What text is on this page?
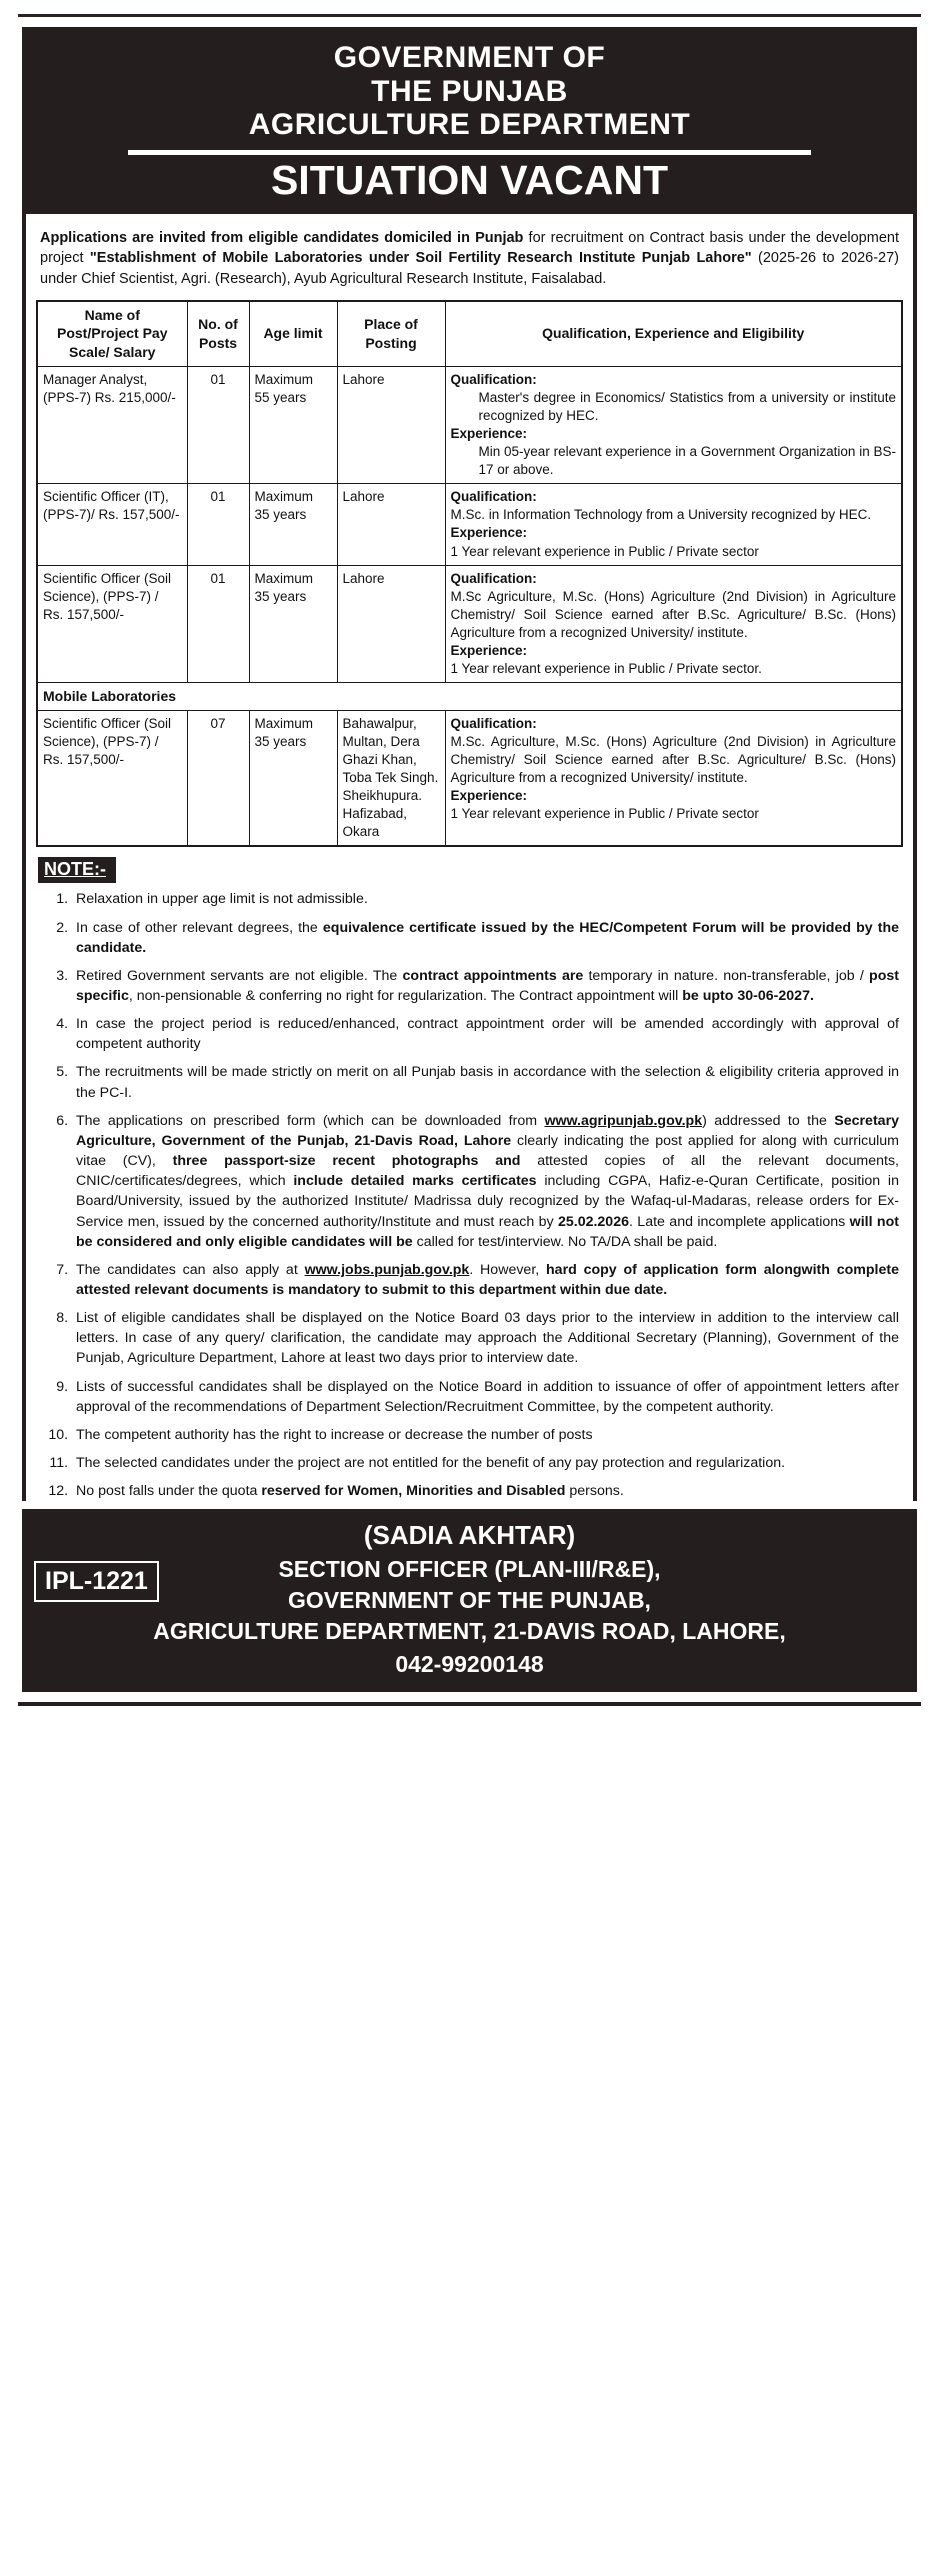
GOVERNMENT OF
THE PUNJAB
AGRICULTURE DEPARTMENT
SITUATION VACANT

Applications are invited from eligible candidates domiciled in Punjab for recruitment on Contract basis under the development project "Establishment of Mobile Laboratories under Soil Fertility Research Institute Punjab Lahore" (2025-26 to 2026-27) under Chief Scientist, Agri. (Research), Ayub Agricultural Research Institute, Faisalabad.

Name of Post/Project Pay Scale/ Salary	No. of Posts	Age limit	Place of Posting	Qualification, Experience and Eligibility
Manager Analyst, (PPS-7) Rs. 215,000/-	01	Maximum 55 years	Lahore	Qualification:
Master's degree in Economics/ Statistics from a university or institute recognized by HEC.
Experience:
Min 05-year relevant experience in a Government Organization in BS-17 or above.

Scientific Officer (IT), (PPS-7)/ Rs. 157,500/-	01	Maximum 35 years	Lahore	Qualification:
M.Sc. in Information Technology from a University recognized by HEC.
Experience:
1 Year relevant experience in Public / Private sector

Scientific Officer (Soil Science), (PPS-7) / Rs. 157,500/-	01	Maximum 35 years	Lahore	Qualification:
M.Sc Agriculture, M.Sc. (Hons) Agriculture (2nd Division) in Agriculture Chemistry/ Soil Science earned after B.Sc. Agriculture/ B.Sc. (Hons) Agriculture from a recognized University/ institute.
Experience:
1 Year relevant experience in Public / Private sector.

Mobile Laboratories				
Scientific Officer (Soil Science), (PPS-7) / Rs. 157,500/-	07	Maximum 35 years	Bahawalpur, Multan, Dera Ghazi Khan, Toba Tek Singh. Sheikhupura. Hafizabad, Okara	Qualification:
M.Sc. Agriculture, M.Sc. (Hons) Agriculture (2nd Division) in Agriculture Chemistry/ Soil Science earned after B.Sc. Agriculture/ B.Sc. (Hons) Agriculture from a recognized University/ institute.
Experience:
1 Year relevant experience in Public / Private sector
NOTE:-
1. Relaxation in upper age limit is not admissible.
2. In case of other relevant degrees, the equivalence certificate issued by the HEC/Competent Forum will be provided by the candidate.
3. Retired Government servants are not eligible. The contract appointments are temporary in nature. non-transferable, job / post specific, non-pensionable & conferring no right for regularization. The Contract appointment will be upto 30-06-2027.
4. In case the project period is reduced/enhanced, contract appointment order will be amended accordingly with approval of competent authority
5. The recruitments will be made strictly on merit on all Punjab basis in accordance with the selection & eligibility criteria approved in the PC-I.
6. The applications on prescribed form (which can be downloaded from www.agripunjab.gov.pk) addressed to the Secretary Agriculture, Government of the Punjab, 21-Davis Road, Lahore clearly indicating the post applied for along with curriculum vitae (CV), three passport-size recent photographs and attested copies of all the relevant documents, CNIC/certificates/degrees, which include detailed marks certificates including CGPA, Hafiz-e-Quran Certificate, position in Board/University, issued by the authorized Institute/ Madrissa duly recognized by the Wafaq-ul-Madaras, release orders for Ex-Service men, issued by the concerned authority/Institute and must reach by 25.02.2026. Late and incomplete applications will not be considered and only eligible candidates will be called for test/interview. No TA/DA shall be paid.
7. The candidates can also apply at www.jobs.punjab.gov.pk. However, hard copy of application form alongwith complete attested relevant documents is mandatory to submit to this department within due date.
8. List of eligible candidates shall be displayed on the Notice Board 03 days prior to the interview in addition to the interview call letters. In case of any query/ clarification, the candidate may approach the Additional Secretary (Planning), Government of the Punjab, Agriculture Department, Lahore at least two days prior to interview date.
9. Lists of successful candidates shall be displayed on the Notice Board in addition to issuance of offer of appointment letters after approval of the recommendations of Department Selection/Recruitment Committee, by the competent authority.
10. The competent authority has the right to increase or decrease the number of posts
11. The selected candidates under the project are not entitled for the benefit of any pay protection and regularization.
12. No post falls under the quota reserved for Women, Minorities and Disabled persons.
IPL-1221
(SADIA AKHTAR)
SECTION OFFICER (PLAN-III/R&E),
GOVERNMENT OF THE PUNJAB,
AGRICULTURE DEPARTMENT, 21-DAVIS ROAD, LAHORE,
042-99200148
